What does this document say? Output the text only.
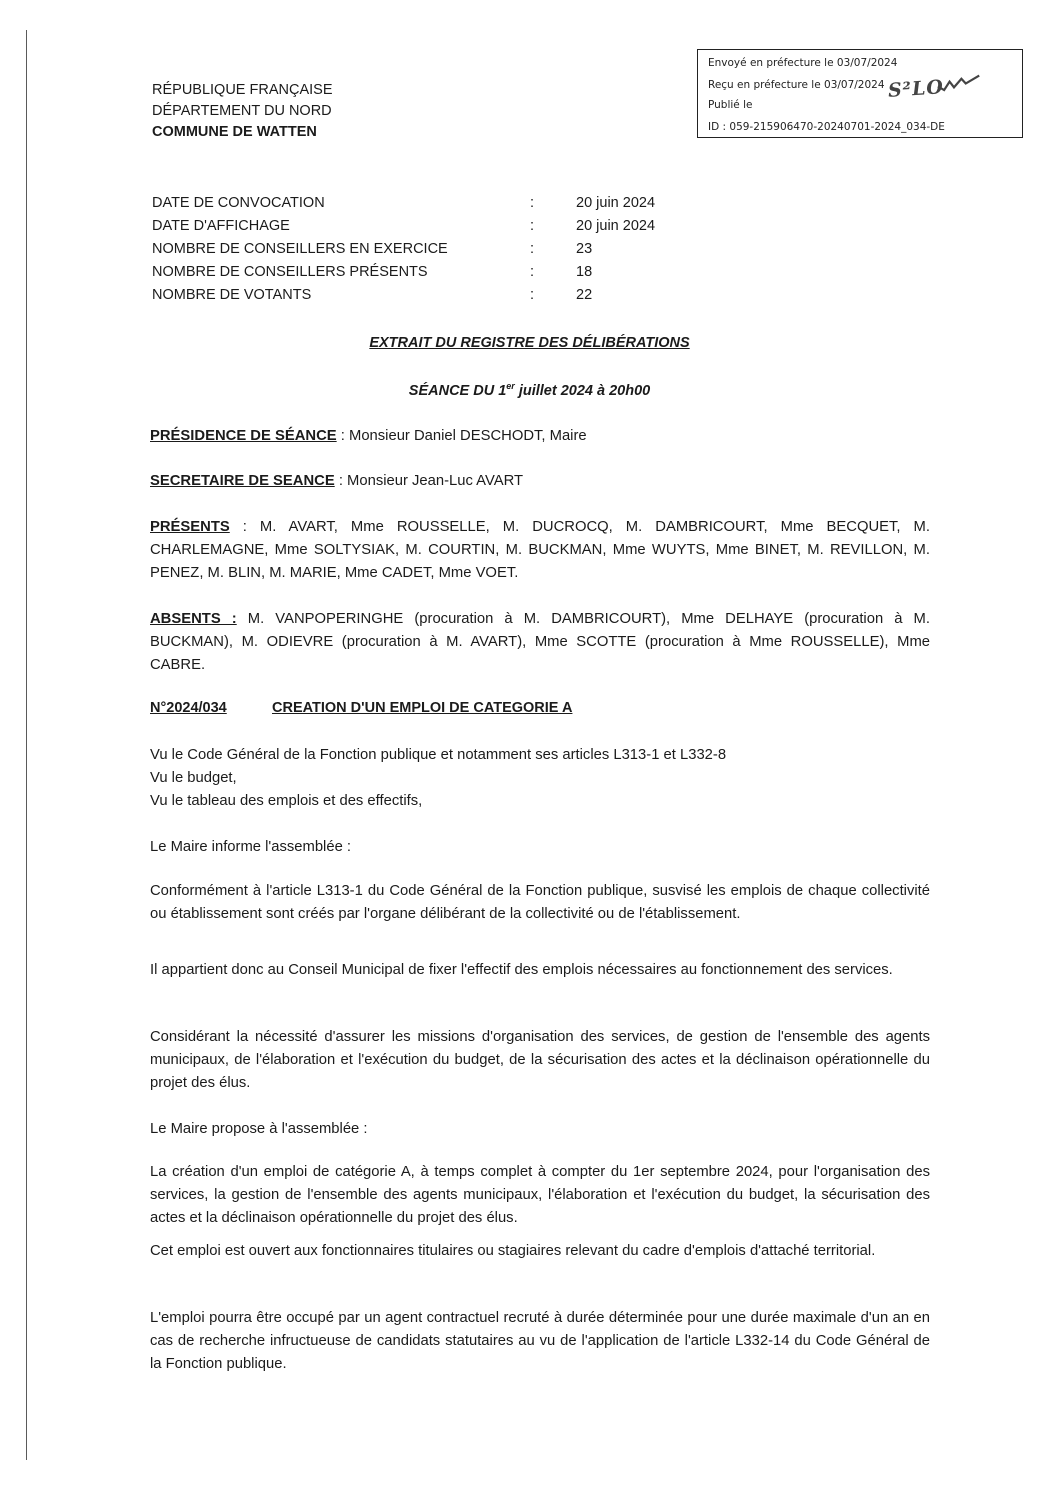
Envoyé en préfecture le 03/07/2024
Reçu en préfecture le 03/07/2024
Publié le
ID : 059-215906470-20240701-2024_034-DE
S²LO
RÉPUBLIQUE FRANÇAISE
DÉPARTEMENT DU NORD
COMMUNE DE WATTEN
DATE DE CONVOCATION	:	20 juin 2024
DATE D'AFFICHAGE	:	20 juin 2024
NOMBRE DE CONSEILLERS EN EXERCICE	:	23
NOMBRE DE CONSEILLERS PRÉSENTS	:	18
NOMBRE DE VOTANTS	:	22
EXTRAIT DU REGISTRE DES DÉLIBÉRATIONS
SÉANCE DU 1er juillet 2024 à 20h00
PRÉSIDENCE DE SÉANCE : Monsieur Daniel DESCHODT, Maire
SECRETAIRE DE SEANCE : Monsieur Jean-Luc AVART
PRÉSENTS : M. AVART, Mme ROUSSELLE, M. DUCROCQ, M. DAMBRICOURT, Mme BECQUET, M. CHARLEMAGNE, Mme SOLTYSIAK, M. COURTIN, M. BUCKMAN, Mme WUYTS, Mme BINET, M. REVILLON, M. PENEZ, M. BLIN, M. MARIE, Mme CADET, Mme VOET.
ABSENTS : M. VANPOPERINGHE (procuration à M. DAMBRICOURT), Mme DELHAYE (procuration à M. BUCKMAN), M. ODIEVRE (procuration à M. AVART), Mme SCOTTE (procuration à Mme ROUSSELLE), Mme CABRE.
N°2024/034	CREATION D'UN EMPLOI DE CATEGORIE A

Vu le Code Général de la Fonction publique et notamment ses articles L313-1 et L332-8

Vu le budget,

Vu le tableau des emplois et des effectifs,

Le Maire informe l'assemblée :
Conformément à l'article L313-1 du Code Général de la Fonction publique, susvisé les emplois de chaque collectivité ou établissement sont créés par l'organe délibérant de la collectivité ou de l'établissement.
Il appartient donc au Conseil Municipal de fixer l'effectif des emplois nécessaires au fonctionnement des services.
Considérant la nécessité d'assurer les missions d'organisation des services, de gestion de l'ensemble des agents municipaux, de l'élaboration et l'exécution du budget, de la sécurisation des actes et la déclinaison opérationnelle du projet des élus.
Le Maire propose à l'assemblée :
La création d'un emploi de catégorie A, à temps complet à compter du 1er septembre 2024, pour l'organisation des services, la gestion de l'ensemble des agents municipaux, l'élaboration et l'exécution du budget, la sécurisation des actes et la déclinaison opérationnelle du projet des élus.
Cet emploi est ouvert aux fonctionnaires titulaires ou stagiaires relevant du cadre d'emplois d'attaché territorial.
L'emploi pourra être occupé par un agent contractuel recruté à durée déterminée pour une durée maximale d'un an en cas de recherche infructueuse de candidats statutaires au vu de l'application de l'article L332-14 du Code Général de la Fonction publique.
